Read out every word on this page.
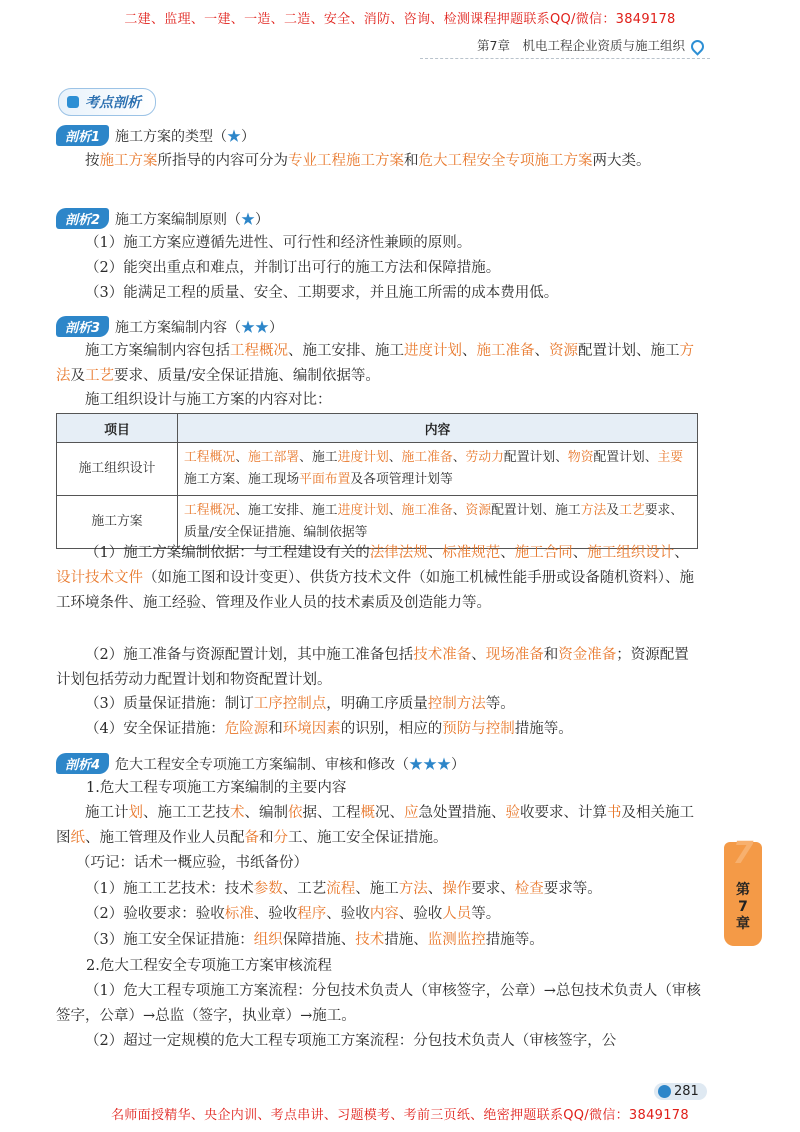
二建、监理、一建、一造、二造、安全、消防、咨询、检测课程押题联系QQ/微信：3849178
第7章　机电工程企业资质与施工组织
考点剖析
剖析1 施工方案的类型（★）
按施工方案所指导的内容可分为专业工程施工方案和危大工程安全专项施工方案两大类。
剖析2 施工方案编制原则（★）
（1）施工方案应遵循先进性、可行性和经济性兼顾的原则。
（2）能突出重点和难点，并制订出可行的施工方法和保障措施。
（3）能满足工程的质量、安全、工期要求，并且施工所需的成本费用低。
剖析3 施工方案编制内容（★★）
施工方案编制内容包括工程概况、施工安排、施工进度计划、施工准备、资源配置计划、施工方法及工艺要求、质量/安全保证措施、编制依据等。
施工组织设计与施工方案的内容对比：
项目	内容
施工组织设计	工程概况、施工部署、施工进度计划、施工准备、劳动力配置计划、物资配置计划、主要施工方案、施工现场平面布置及各项管理计划等
施工方案	工程概况、施工安排、施工进度计划、施工准备、资源配置计划、施工方法及工艺要求、质量/安全保证措施、编制依据等
（1）施工方案编制依据：与工程建设有关的法律法规、标准规范、施工合同、施工组织设计、设计技术文件（如施工图和设计变更）、供货方技术文件（如施工机械性能手册或设备随机资料）、施工环境条件、施工经验、管理及作业人员的技术素质及创造能力等。
（2）施工准备与资源配置计划，其中施工准备包括技术准备、现场准备和资金准备；资源配置计划包括劳动力配置计划和物资配置计划。
（3）质量保证措施：制订工序控制点，明确工序质量控制方法等。
（4）安全保证措施：危险源和环境因素的识别，相应的预防与控制措施等。
剖析4 危大工程安全专项施工方案编制、审核和修改（★★★）
1.危大工程专项施工方案编制的主要内容
施工计划、施工工艺技术、编制依据、工程概况、应急处置措施、验收要求、计算书及相关施工图纸、施工管理及作业人员配备和分工、施工安全保证措施。
（巧记：话术一概应验，书纸备份）
（1）施工工艺技术：技术参数、工艺流程、施工方法、操作要求、检查要求等。
（2）验收要求：验收标准、验收程序、验收内容、验收人员等。
（3）施工安全保证措施：组织保障措施、技术措施、监测监控措施等。
2.危大工程安全专项施工方案审核流程
（1）危大工程专项施工方案流程：分包技术负责人（审核签字，公章）→总包技术负责人（审核签字，公章）→总监（签字，执业章）→施工。
（2）超过一定规模的危大工程专项施工方案流程：分包技术负责人（审核签字，公
7
第
7
章
281
名师面授精华、央企内训、考点串讲、习题模考、考前三页纸、绝密押题联系QQ/微信：3849178
